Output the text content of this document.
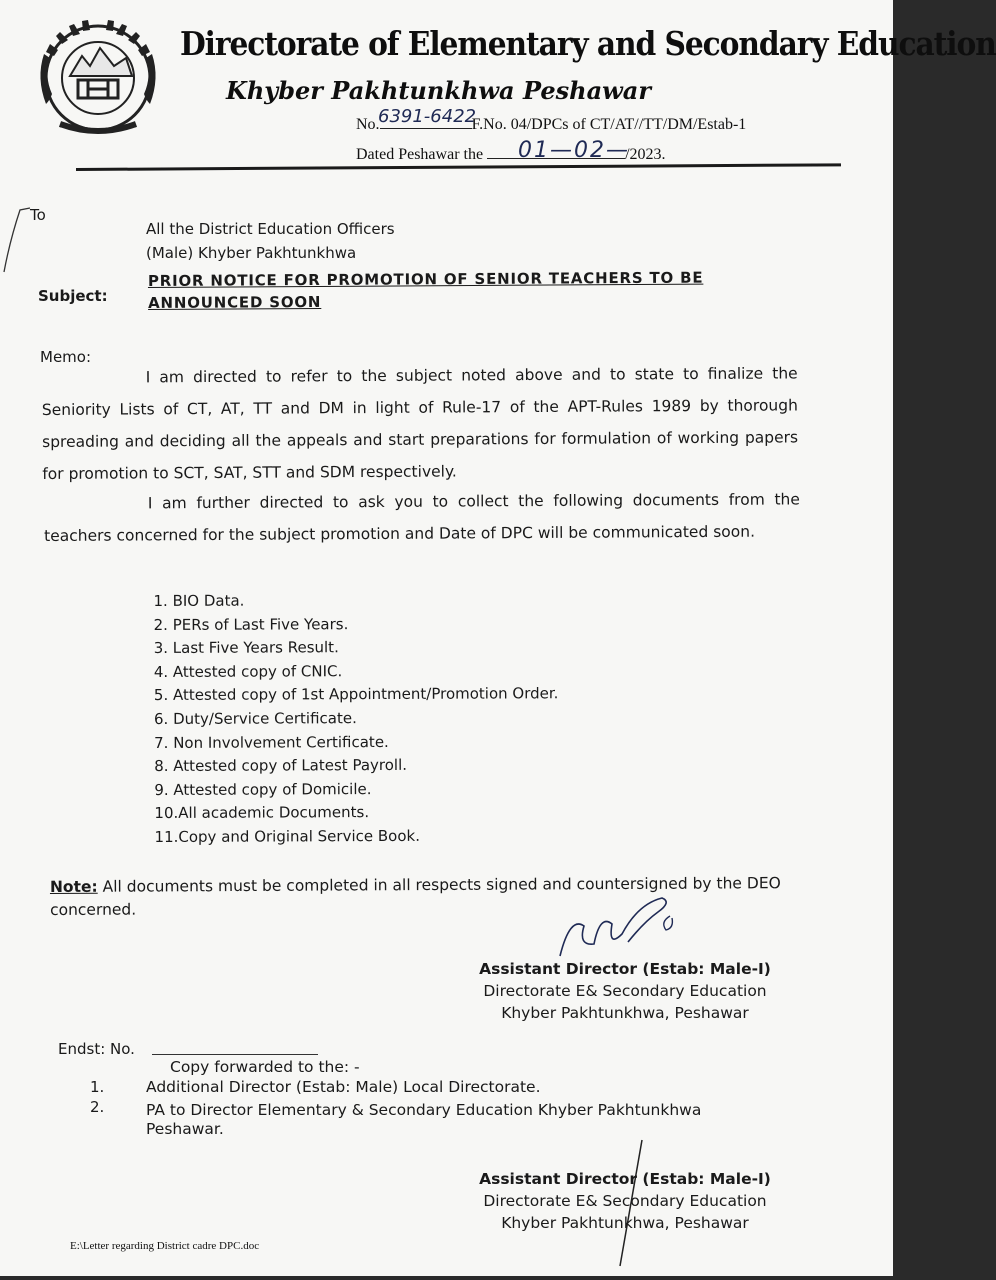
Directorate of Elementary and Secondary Education
Khyber Pakhtunkhwa Peshawar
No.	F.No. 04/DPCs of CT/AT//TT/DM/Estab-1
6391-6422
Dated Peshawar the	/2023.
01—02—
To
All the District Education Officers
(Male) Khyber Pakhtunkhwa
Subject:
PRIOR NOTICE FOR PROMOTION OF SENIOR TEACHERS TO BE ANNOUNCED SOON
Memo:
I am directed to refer to the subject noted above and to state to finalize the Seniority Lists of CT, AT, TT and DM in light of Rule-17 of the APT-Rules 1989 by thorough spreading and deciding all the appeals and start preparations for formulation of working papers for promotion to SCT, SAT, STT and SDM respectively.
I am further directed to ask you to collect the following documents from the teachers concerned for the subject promotion and Date of DPC will be communicated soon.
1. BIO Data.
2. PERs of Last Five Years.
3. Last Five Years Result.
4. Attested copy of CNIC.
5. Attested copy of 1st Appointment/Promotion Order.
6. Duty/Service Certificate.
7. Non Involvement Certificate.
8. Attested copy of Latest Payroll.
9. Attested copy of Domicile.
10.All academic Documents.
11.Copy and Original Service Book.
Note: All documents must be completed in all respects signed and countersigned by the DEO concerned.
Assistant Director (Estab: Male-I)
Directorate E& Secondary Education
Khyber Pakhtunkhwa, Peshawar
Endst: No.
Copy forwarded to the: -
1.	Additional Director (Estab: Male) Local Directorate.
2.	PA to Director Elementary & Secondary Education Khyber Pakhtunkhwa
Peshawar.
Assistant Director (Estab: Male-I)
Directorate E& Secondary Education
Khyber Pakhtunkhwa, Peshawar
E:\Letter regarding District cadre DPC.doc
